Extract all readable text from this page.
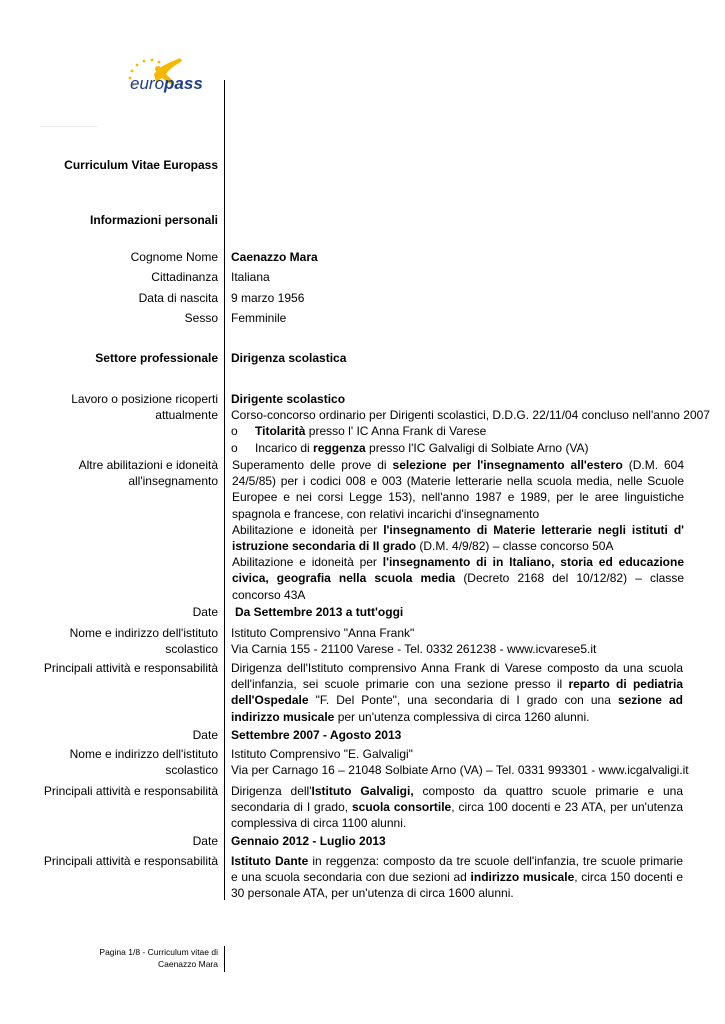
europass
─────────────────────────
Curriculum Vitae Europass
Informazioni personali
Cognome Nome Caenazzo Mara
Cittadinanza Italiana
Data di nascita 9 marzo 1956
Sesso Femminile
Settore professionale Dirigenza scolastica
Lavoro o posizione ricoperti
attualmente
Dirigente scolastico
Corso-concorso ordinario per Dirigenti scolastici, D.D.G. 22/11/04 concluso nell'anno 2007
o Titolarità presso l' IC Anna Frank di Varese
o Incarico di reggenza presso l'IC Galvaligi di Solbiate Arno (VA)
Altre abilitazioni e idoneità
all'insegnamento
Superamento delle prove di selezione per l'insegnamento all'estero (D.M. 604 24/5/85) per i codici 008 e 003 (Materie letterarie nella scuola media, nelle Scuole Europee e nei corsi Legge 153), nell'anno 1987 e 1989, per le aree linguistiche spagnola e francese, con relativi incarichi d'insegnamento
Abilitazione e idoneità per l'insegnamento di Materie letterarie negli istituti d' istruzione secondaria di II grado (D.M. 4/9/82) – classe concorso 50A
Abilitazione e idoneità per l'insegnamento di in Italiano, storia ed educazione civica, geografia nella scuola media (Decreto 2168 del 10/12/82) – classe concorso 43A
Date Da Settembre 2013 a tutt'oggi
Nome e indirizzo dell'istituto
scolastico
Istituto Comprensivo "Anna Frank"
Via Carnia 155 - 21100 Varese - Tel. 0332 261238 - www.icvarese5.it
Principali attività e responsabilità Dirigenza dell'Istituto comprensivo Anna Frank di Varese composto da una scuola dell'infanzia, sei scuole primarie con una sezione presso il reparto di pediatria dell'Ospedale "F. Del Ponte", una secondaria di I grado con una sezione ad indirizzo musicale per un'utenza complessiva di circa 1260 alunni.
Date Settembre 2007 - Agosto 2013
Nome e indirizzo dell'istituto
scolastico
Istituto Comprensivo "E. Galvaligi"
Via per Carnago 16 – 21048 Solbiate Arno (VA) – Tel. 0331 993301 - www.icgalvaligi.it
Principali attività e responsabilità Dirigenza dell'Istituto Galvaligi, composto da quattro scuole primarie e una secondaria di I grado, scuola consortile, circa 100 docenti e 23 ATA, per un'utenza complessiva di circa 1100 alunni.
Date Gennaio 2012 - Luglio 2013
Principali attività e responsabilità Istituto Dante in reggenza: composto da tre scuole dell'infanzia, tre scuole primarie e una scuola secondaria con due sezioni ad indirizzo musicale, circa 150 docenti e 30 personale ATA, per un'utenza di circa 1600 alunni.
Pagina 1/8 - Curriculum vitae di
Caenazzo Mara
